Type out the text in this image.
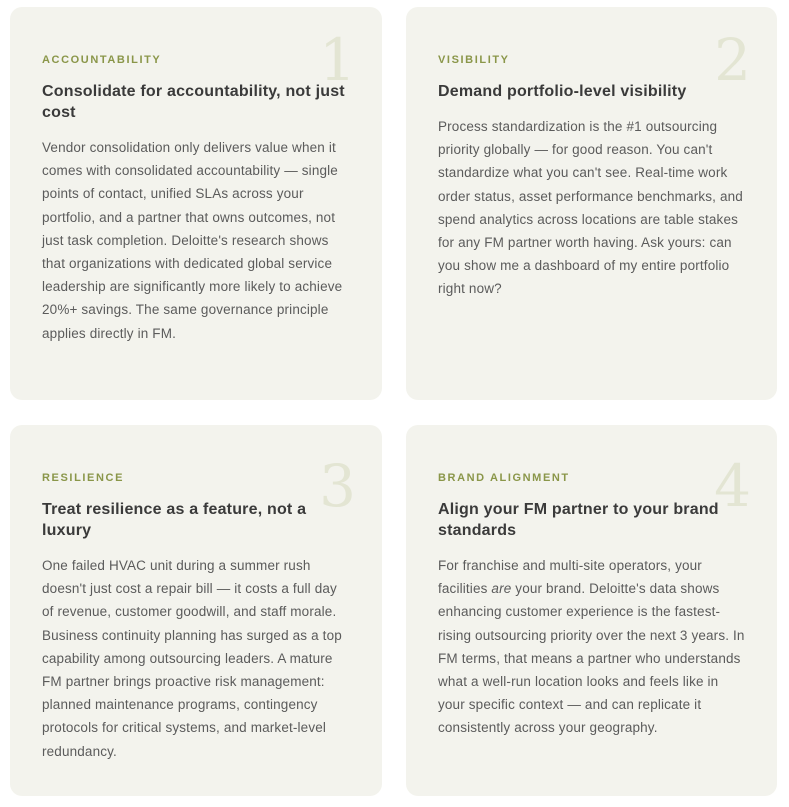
1
ACCOUNTABILITY
Consolidate for accountability, not just cost
Vendor consolidation only delivers value when it comes with consolidated accountability — single points of contact, unified SLAs across your portfolio, and a partner that owns outcomes, not just task completion. Deloitte's research shows that organizations with dedicated global service leadership are significantly more likely to achieve 20%+ savings. The same governance principle applies directly in FM.
2
VISIBILITY
Demand portfolio-level visibility
Process standardization is the #1 outsourcing priority globally — for good reason. You can't standardize what you can't see. Real-time work order status, asset performance benchmarks, and spend analytics across locations are table stakes for any FM partner worth having. Ask yours: can you show me a dashboard of my entire portfolio right now?
3
RESILIENCE
Treat resilience as a feature, not a luxury
One failed HVAC unit during a summer rush doesn't just cost a repair bill — it costs a full day of revenue, customer goodwill, and staff morale. Business continuity planning has surged as a top capability among outsourcing leaders. A mature FM partner brings proactive risk management: planned maintenance programs, contingency protocols for critical systems, and market-level redundancy.
4
BRAND ALIGNMENT
Align your FM partner to your brand standards
For franchise and multi-site operators, your facilities are your brand. Deloitte's data shows enhancing customer experience is the fastest-rising outsourcing priority over the next 3 years. In FM terms, that means a partner who understands what a well-run location looks and feels like in your specific context — and can replicate it consistently across your geography.
